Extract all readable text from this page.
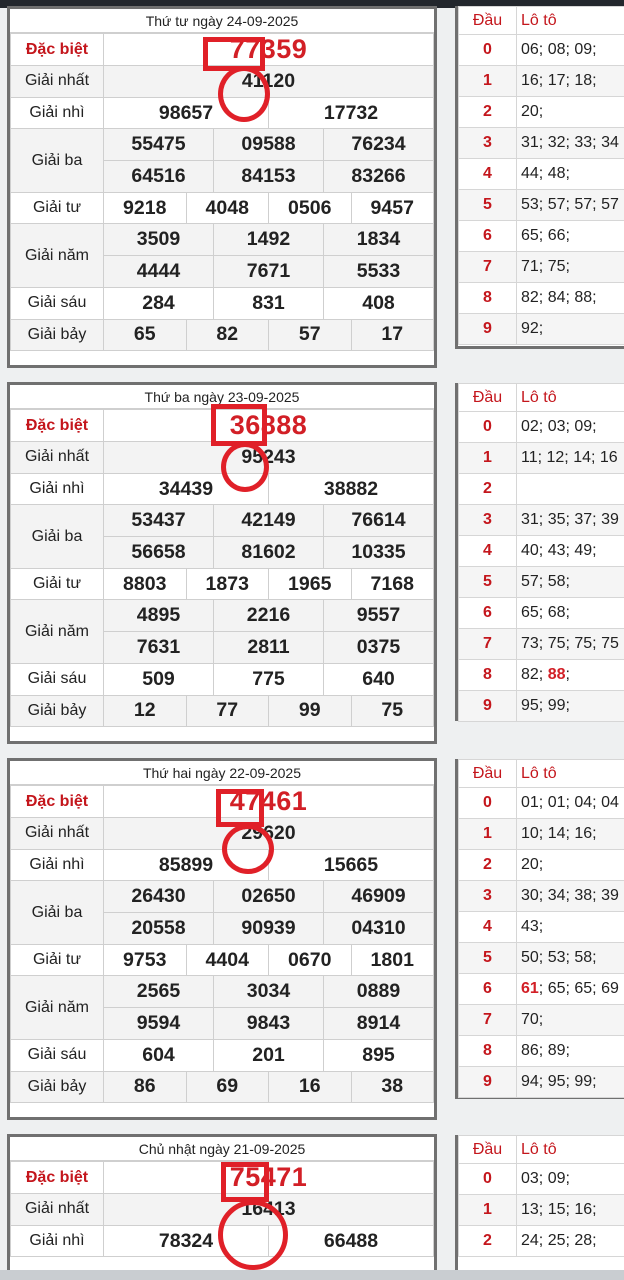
Thứ tư ngày 24-09-2025
Đặc biệt	77359					
Giải nhất	41120					
Giải nhì	98657			17732		
Giải ba	55475		09588		76234	
	64516		84153		83266	
Giải tư	9218	4048		0506		9457
Giải năm	3509		1492		1834	
	4444		7671		5533	
Giải sáu	284		831		408	
Giải bảy	65	82		57		17
Đầu	Lô tô
0	06; 08; 09;
1	16; 17; 18;
2	20;
3	31; 32; 33; 34
4	44; 48;
5	53; 57; 57; 57
6	65; 66;
7	71; 75;
8	82; 84; 88;
9	92;
Thứ ba ngày 23-09-2025
Đặc biệt	36888					
Giải nhất	95243					
Giải nhì	34439			38882		
Giải ba	53437		42149		76614	
	56658		81602		10335	
Giải tư	8803	1873		1965		7168
Giải năm	4895		2216		9557	
	7631		2811		0375	
Giải sáu	509		775		640	
Giải bảy	12	77		99		75
Đầu	Lô tô
0	02; 03; 09;
1	11; 12; 14; 16
2	
3	31; 35; 37; 39
4	40; 43; 49;
5	57; 58;
6	65; 68;
7	73; 75; 75; 75
8	82; 88;
9	95; 99;
Thứ hai ngày 22-09-2025
Đặc biệt	47461					
Giải nhất	29620					
Giải nhì	85899			15665		
Giải ba	26430		02650		46909	
	20558		90939		04310	
Giải tư	9753	4404		0670		1801
Giải năm	2565		3034		0889	
	9594		9843		8914	
Giải sáu	604		201		895	
Giải bảy	86	69		16		38
Đầu	Lô tô
0	01; 01; 04; 04
1	10; 14; 16;
2	20;
3	30; 34; 38; 39
4	43;
5	50; 53; 58;
6	61; 65; 65; 69
7	70;
8	86; 89;
9	94; 95; 99;
Chủ nhật ngày 21-09-2025
Đặc biệt	75471	
Giải nhất	16413	
Giải nhì	78324	66488
Đầu	Lô tô
0	03; 09;
1	13; 15; 16;
2	24; 25; 28;
